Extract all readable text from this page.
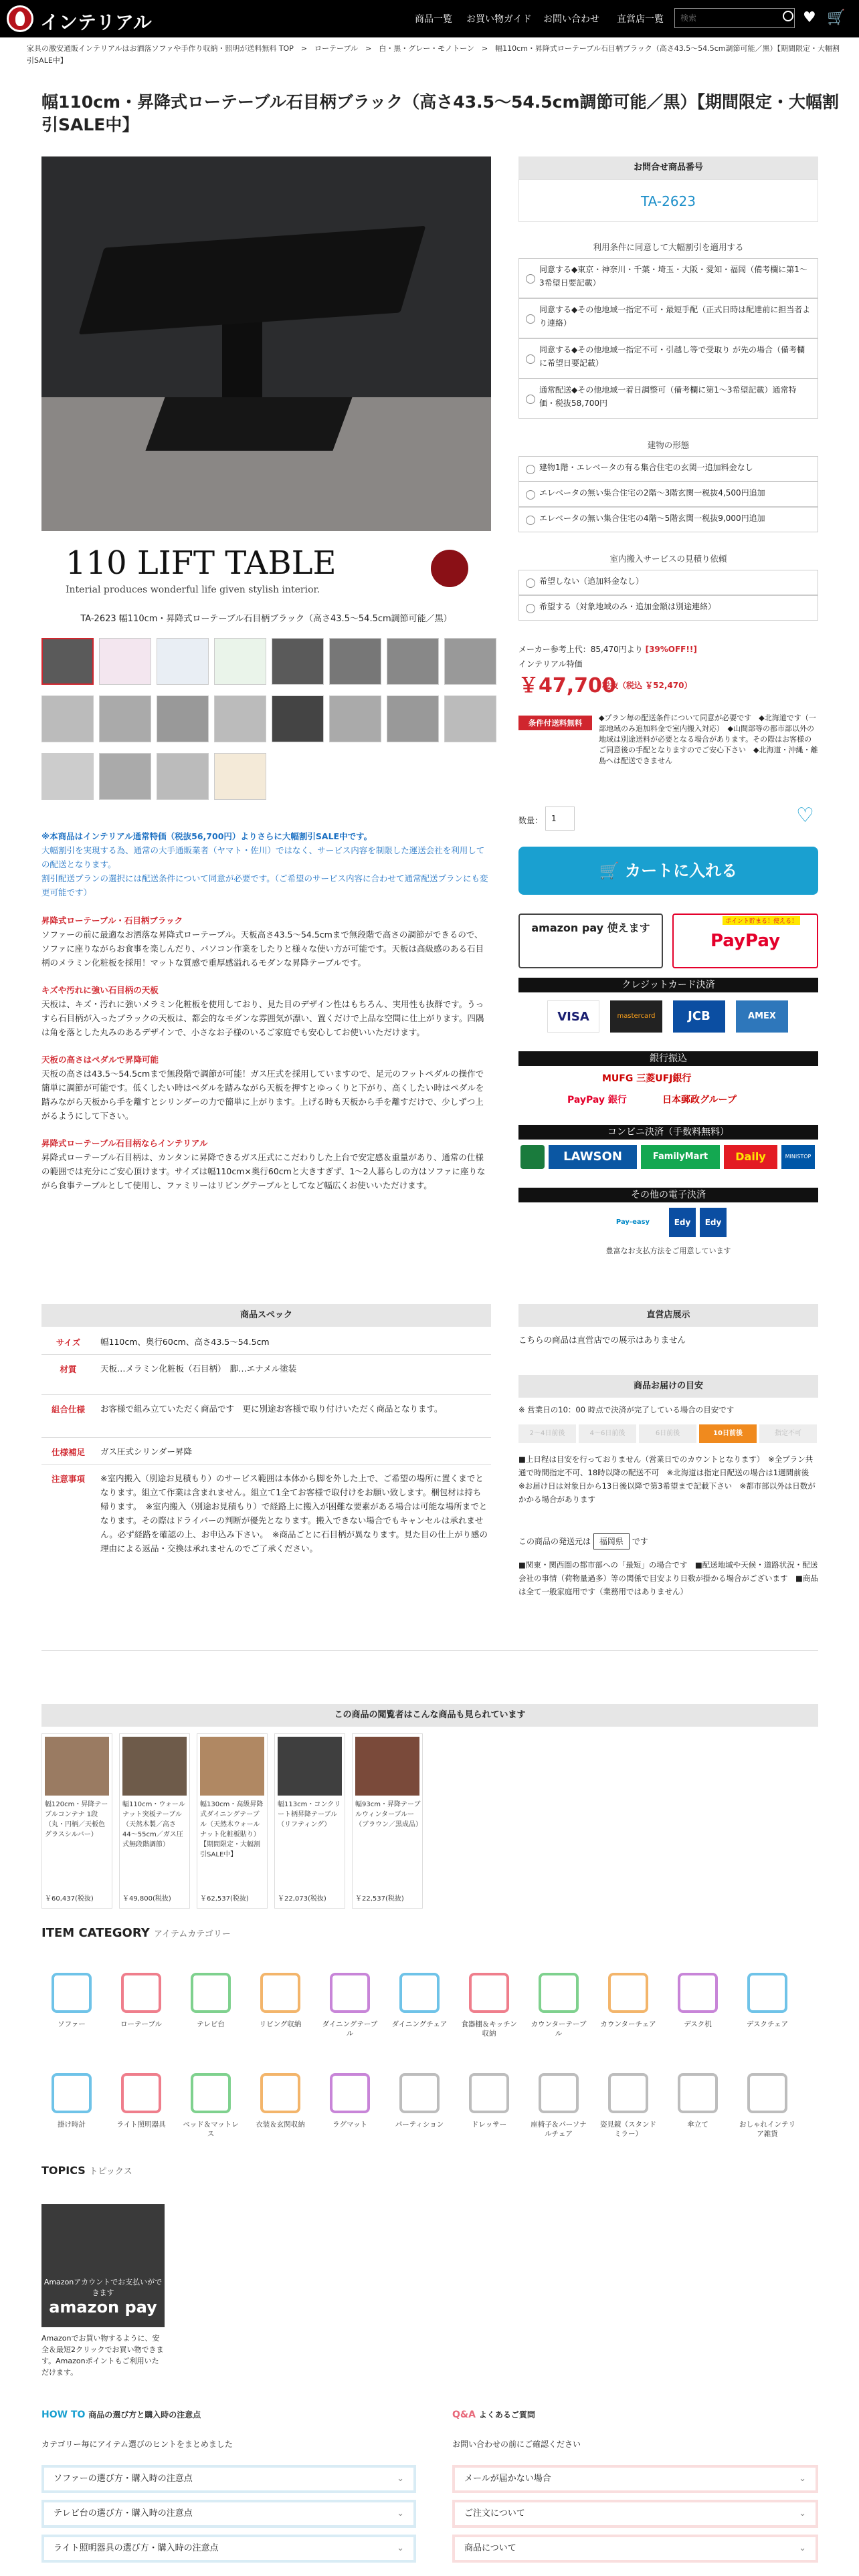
インテリアル	商品一覧 お買い物ガイド お問い合わせ 直営店一覧
検索	♥ 🛒
家具の激安通販インテリアルはお洒落ソファや手作り収納・照明が送料無料 TOP　>　ローテーブル　>　白・黒・グレー・モノトーン　>　幅110cm・昇降式ローテーブル石目柄ブラック（高さ43.5〜54.5cm調節可能／黒）【期間限定・大幅割引SALE中】
幅110cm・昇降式ローテーブル石目柄ブラック（高さ43.5〜54.5cm調節可能／黒）【期間限定・大幅割引SALE中】
110 LIFT TABLE
Interial produces wonderful life given stylish interior.
TA-2623 幅110cm・昇降式ローテーブル石目柄ブラック（高さ43.5〜54.5cm調節可能／黒）
※本商品はインテリアル通常特価（税抜56,700円）よりさらに大幅割引SALE中です。
大幅割引を実現する為、通常の大手通販業者（ヤマト・佐川）ではなく、サービス内容を制限した運送会社を利用しての配送となります。
割引配送プランの選択には配送条件について同意が必要です。（ご希望のサービス内容に合わせて通常配送プランにも変更可能です）
昇降式ローテーブル・石目柄ブラック
ソファーの前に最適なお洒落な昇降式ローテーブル。天板高さ43.5〜54.5cmまで無段階で高さの調節ができるので、ソファに座りながらお食事を楽しんだり、パソコン作業をしたりと様々な使い方が可能です。天板は高級感のある石目柄のメラミン化粧板を採用！マットな質感で重厚感溢れるモダンな昇降テーブルです。
キズや汚れに強い石目柄の天板
天板は、キズ・汚れに強いメラミン化粧板を使用しており、見た目のデザイン性はもちろん、実用性も抜群です。うっすら石目柄が入ったブラックの天板は、都会的なモダンな雰囲気が漂い、置くだけで上品な空間に仕上がります。四隅は角を落とした丸みのあるデザインで、小さなお子様のいるご家庭でも安心してお使いいただけます。
天板の高さはペダルで昇降可能
天板の高さは43.5〜54.5cmまで無段階で調節が可能！ガス圧式を採用していますので、足元のフットペダルの操作で簡単に調節が可能です。低くしたい時はペダルを踏みながら天板を押すとゆっくりと下がり、高くしたい時はペダルを踏みながら天板から手を離すとシリンダーの力で簡単に上がります。上げる時も天板から手を離すだけで、少しずつ上がるようにして下さい。
昇降式ローテーブル石目柄ならインテリアル
昇降式ローテーブル石目柄は、カンタンに昇降できるガス圧式にこだわりした上台で安定感＆重量があり、通常の仕様の範囲では充分にご安心頂けます。サイズは幅110cm×奥行60cmと大きすぎず、1〜2人暮らしの方はソファに座りながら食事テーブルとして使用し、ファミリーはリビングテーブルとしてなど幅広くお使いいただけます。
商品スペック
サイズ	幅110cm、奥行60cm、高さ43.5〜54.5cm
材質	天板…メラミン化粧板（石目柄）　脚…エナメル塗装
組合仕様	お客様で組み立ていただく商品です　更に別途お客様で取り付けいただく商品となります。
仕様補足	ガス圧式シリンダー昇降
注意事項	※室内搬入（別途お見積もり）のサービス範囲は本体から脚を外した上で、ご希望の場所に置くまでとなります。組立て作業は含まれません。組立て1全てお客様で取付けをお願い致します。梱包材は持ち帰ります。　※室内搬入（別途お見積もり）で経路上に搬入が困難な要素がある場合は可能な場所までとなります。その際はドライバーの判断が優先となります。搬入できない場合でもキャンセルは承れません。必ず経路を確認の上、お申込み下さい。　※商品ごとに石目柄が異なります。見た目の仕上がり感の理由による返品・交換は承れませんのでご了承ください。
お問合せ商品番号
TA-2623
利用条件に同意して大幅割引を適用する
同意する◆東京・神奈川・千葉・埼玉・大阪・愛知・福岡（備考欄に第1〜3希望日要記載）
同意する◆その他地域一指定不可・最短手配（正式日時は配達前に担当者より連絡）
同意する◆その他地域一指定不可・引越し等で受取り が先の場合（備考欄に希望日要記載）
通常配送◆その他地域一着日調整可（備考欄に第1〜3希望記載）通常特価・税抜58,700円
建物の形態
建物1階・エレベータの有る集合住宅の玄関一追加料金なし
エレベータの無い集合住宅の2階〜3階玄関一税抜4,500円追加
エレベータの無い集合住宅の4階〜5階玄関一税抜9,000円追加
室内搬入サービスの見積り依頼
希望しない（追加料金なし）
希望する（対象地域のみ・追加金額は別途連絡）
メーカー参考上代：85,470円より [39%OFF!!]
インテリアル特価
￥47,700
税抜（税込 ￥52,470）
条件付送料無料
◆プラン毎の配送条件について同意が必要です　◆北海道です（一部地域のみ追加料金で室内搬入対応）　◆山間部等の都市部以外の地域は別途送料が必要となる場合があります。その際はお客様のご同意後の手配となりますのでご安心下さい　◆北海道・沖縄・離島へは配送できません
数量：	1	♡
🛒 カートに入れる
amazon pay 使えます
PayPay
ポイント貯まる！使える！
クレジットカード決済
VISA	mastercard	JCB	AMEX
銀行振込
MUFG 三菱UFJ銀行
PayPay 銀行	日本郵政グループ
コンビニ決済（手数料無料）
LAWSON	FamilyMart	Daily	MINISTOP
その他の電子決済
Pay-easy	Edy	Edy
豊富なお支払方法をご用意しています
直営店展示
こちらの商品は直営店での展示はありません
商品お届けの目安
※ 営業日の10：00 時点で決済が完了している場合の目安です
2〜4日前後	4〜6日前後	6日前後	10日前後	指定不可
■上日程は目安を行っておりません（営業日でのカウントとなります）　※全プラン共通で時間指定不可、18時以降の配送不可　※北海道は指定日配送の場合は1週間前後　※お届け日は対象日から13日後以降で第3希望まで記載下さい　※都市部以外は日数がかかる場合があります
この商品の発送元は 福岡県 です
■関東・関西圏の都市部への「最短」の場合です　■配送地域や天候・道路状況・配送会社の事情（荷物量過多）等の関係で目安より日数が掛かる場合がございます　■商品は全て一般家庭用です（業務用ではありません）
この商品の閲覧者はこんな商品も見られています
幅120cm・昇降テーブルコンテナ 1段（丸・円柄／天板色グラスシルバー）
￥60,437(税抜)
幅110cm・ウォールナット突板テーブル（天然木製／高さ44〜55cm／ガス圧式無段階調節）
￥49,800(税抜)
幅130cm・高級昇降式ダイニングテーブル（天然木ウォールナット化粧板貼り）【期間限定・大幅割引SALE中】
￥62,537(税抜)
幅113cm・コンクリート柄昇降テーブル（リフティング）
￥22,073(税抜)
幅93cm・昇降テーブルウィンターブルー（ブラウン／黒成品）
￥22,537(税抜)
ITEM CATEGORY アイテムカテゴリー
ソファー	ローテーブル	テレビ台	リビング収納	ダイニングテーブル
ダイニングチェア	食器棚＆キッチン収納
カウンターテーブル
カウンターチェア	デスク机	デスクチェア
掛け時計	ライト照明器具	ベッド＆マットレス
衣装＆玄関収納	ラグマット	パーティション	ドレッサー	座椅子＆パーソナルチェア
姿見鏡（スタンドミラー）
傘立て	おしゃれインテリア雑貨
TOPICS トピックス
Amazonアカウントでお支払いができます
amazon pay
Amazonでお買い物するように、安全＆最短2クリックでお買い物できます。Amazonポイントもご利用いただけます。
HOW TO 商品の選び方と購入時の注意点
カテゴリー毎にアイテム選びのヒントをまとめました
ソファーの選び方・購入時の注意点	⌄
テレビ台の選び方・購入時の注意点	⌄
ライト照明器具の選び方・購入時の注意点	⌄
Q&A よくあるご質問
お問い合わせの前にご確認ください
メールが届かない場合	⌄
ご注文について	⌄
商品について	⌄
